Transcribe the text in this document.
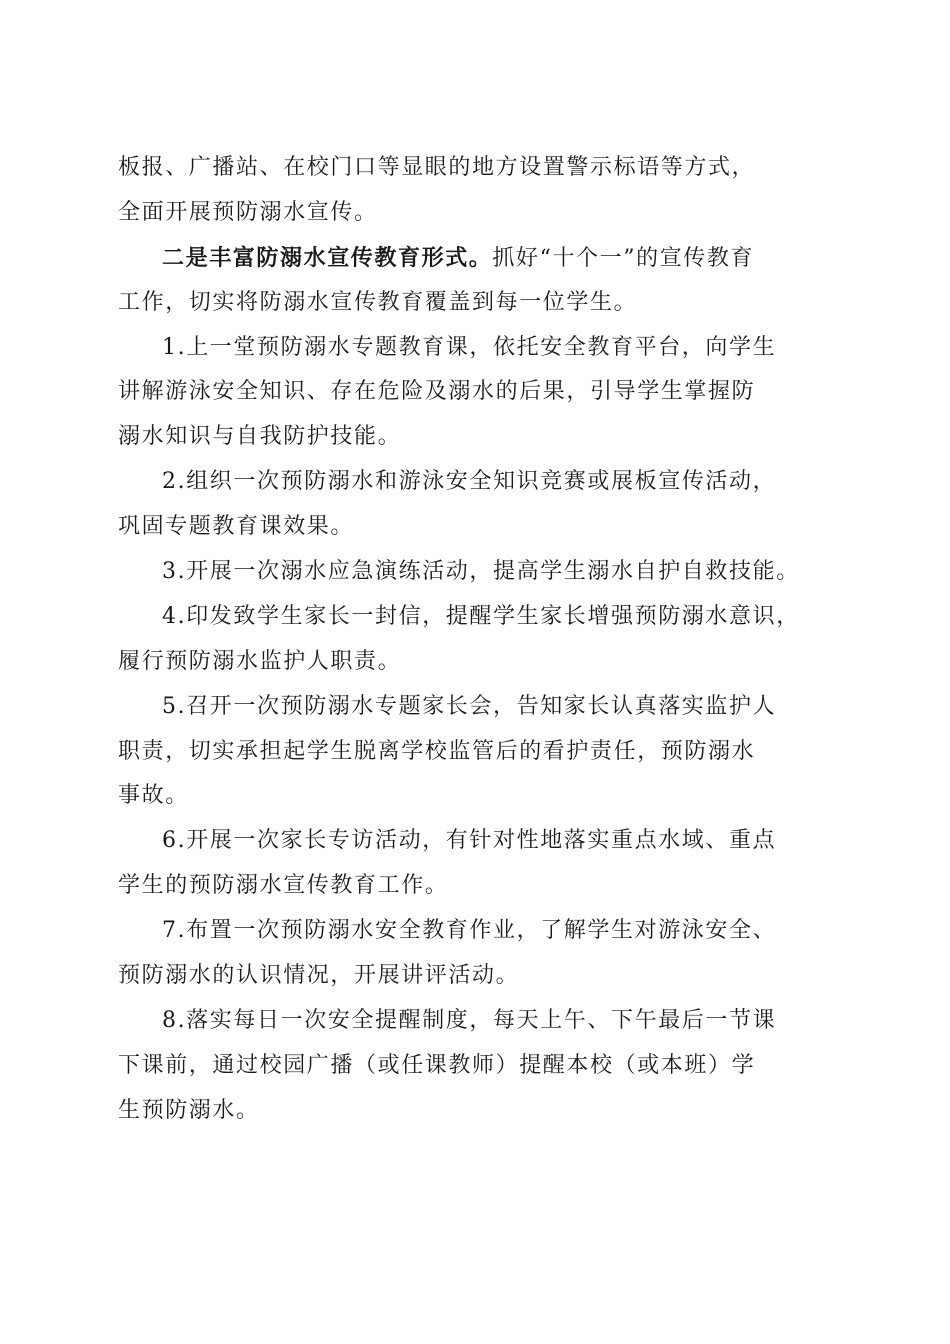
板报、广播站、在校门口等显眼的地方设置警示标语等方式，
全面开展预防溺水宣传。
二是丰富防溺水宣传教育形式。抓好“十个一”的宣传教育
工作，切实将防溺水宣传教育覆盖到每一位学生。
1.上一堂预防溺水专题教育课，依托安全教育平台，向学生
讲解游泳安全知识、存在危险及溺水的后果，引导学生掌握防
溺水知识与自我防护技能。
2.组织一次预防溺水和游泳安全知识竞赛或展板宣传活动，
巩固专题教育课效果。
3.开展一次溺水应急演练活动，提高学生溺水自护自救技能。
4.印发致学生家长一封信，提醒学生家长增强预防溺水意识，
履行预防溺水监护人职责。
5.召开一次预防溺水专题家长会，告知家长认真落实监护人
职责，切实承担起学生脱离学校监管后的看护责任，预防溺水
事故。
6.开展一次家长专访活动，有针对性地落实重点水域、重点
学生的预防溺水宣传教育工作。
7.布置一次预防溺水安全教育作业，了解学生对游泳安全、
预防溺水的认识情况，开展讲评活动。
8.落实每日一次安全提醒制度，每天上午、下午最后一节课
下课前，通过校园广播（或任课教师）提醒本校（或本班）学
生预防溺水。
